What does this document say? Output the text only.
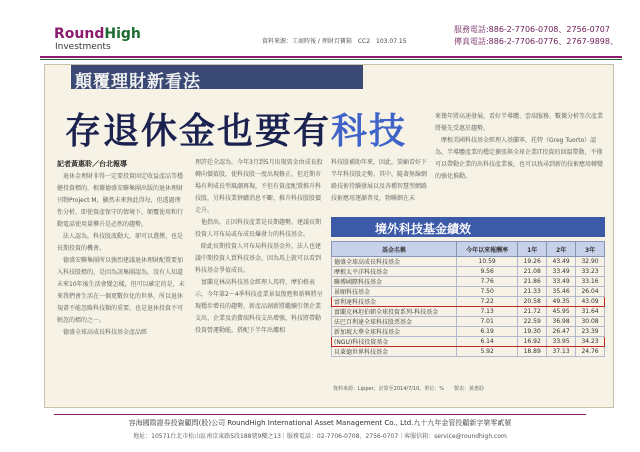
RoundHigh
Investments
服務電話:886-2-7706-0708、2756-0707
傳真電話:886-2-7706-0776、2767-9898、
資料來源：工商時報 / 理財百寶箱　CC2　103.07.15
顛覆理財新看法
存退休金也要有科技
記者黃惠聆／台北報導
　退休金理財非得一定要投資固定收益產品等穩健投資標的，根據德盛安聯集團出版的退休理財刊物Project M，顯然未來無此得每，但透過理性分析，即使資產保守的情境下，顛覆使用和行動電話使用量攀升是必然的趨勢。
　法人認為，科技股波動大，卻可以選擇，也是長期投資的機會。
　德盛安聯集團所以強烈建議退休理財配置要加入科技股標的，是因為該集團認為，沒有人知道未來10年後生活會變怎樣，但可以確定的是，未來我們會生活在一個更數位化的世界，所以退休規畫不能忽略科技類的重要，也是退休投資不可輕忽的標的之一。
　德盛全球高成長科技基金產品經
理許廷全認為，今年3月到5月出現資金由成長股轉向價值股，使科技股一度出現修正，但近期市場有利成長型風潮再現，不但有資產配置推升科技股，另科技業併購消息不斷，推升科技股股價走升。
　他指出，正因科技產業是長期趨勢，建議長期投資人可布局或布成長爆發力的科技基金。
　除此長期投資人可布局科技基金外，法人也建議中期投資人買科技基金，因為馬上就可以看到科技基金爭值成長。
　富蘭克林高科技基金經理人馬特，摩伯格表示，今年第2～4季科技產業景氣復甦和新興將呈現穩步增長的趨勢，新產品創新將繼續引領企業支出、企業及消費端科技支出增強，科技將帶動投資營運動能，搭配下半年出爐相
科技股補助年來，因此，榮顧看好下半年科技股走勢。其中，隨著無線網路技術持續發展以及各種智慧型網路技術應用逐漸普及，物聯網在未
來幾年將高速發展，看好半導體、雲端服務、數據分析等次產業將優先受惠於趨勢。
　摩根美國科技基金經理人基蘭寧，托特（Greg Tuorto）認為，半導體產業的穩定擴張與全球企業IT投資的回溫帶動，不僅可以帶動企業的出科技產業後，也可以找尋到新的技術應用轉變的強化推動。
境外科技基金績效
基金名稱	今年以來報酬率	1年	2年	3年
德盛全球高成長科技基金	10.59	19.26	43.49	32.90
摩根太平洋科技基金	9.56	21.08	33.49	33.23
聯博國際科技基金	7.76	21.86	33.49	33.16
景順科技基金	7.50	21.33	35.46	26.04
富利達科技基金	7.22	20.58	49.35	43.09
富蘭克林坦伯頓全球投資系列-科技基金	7.13	21.72	45.95	31.64
法巴百利達全球科技股票基金	7.01	22.59	36.98	30.08
新加坡大華全球科技基金	6.19	19.30	26.47	23.39
(NGU)科技投資基金	6.14	16.92	33.95	34.23
貝萊德世界科技基金	5.92	18.89	37.13	24.76
資料來源：Lipper，計算至2014/7/10，單位：%　　製表：黃惠聆
容海國際證券投資顧問(股)公司 RoundHigh International Asset Management Co., Ltd.九十九年金管投顧新字第零貳號
地址：10571台北市松山區南京東路5段188號9樓之13｜服務電話：02-7706-0708、2756-0707｜客服信箱：service@roundhigh.com
